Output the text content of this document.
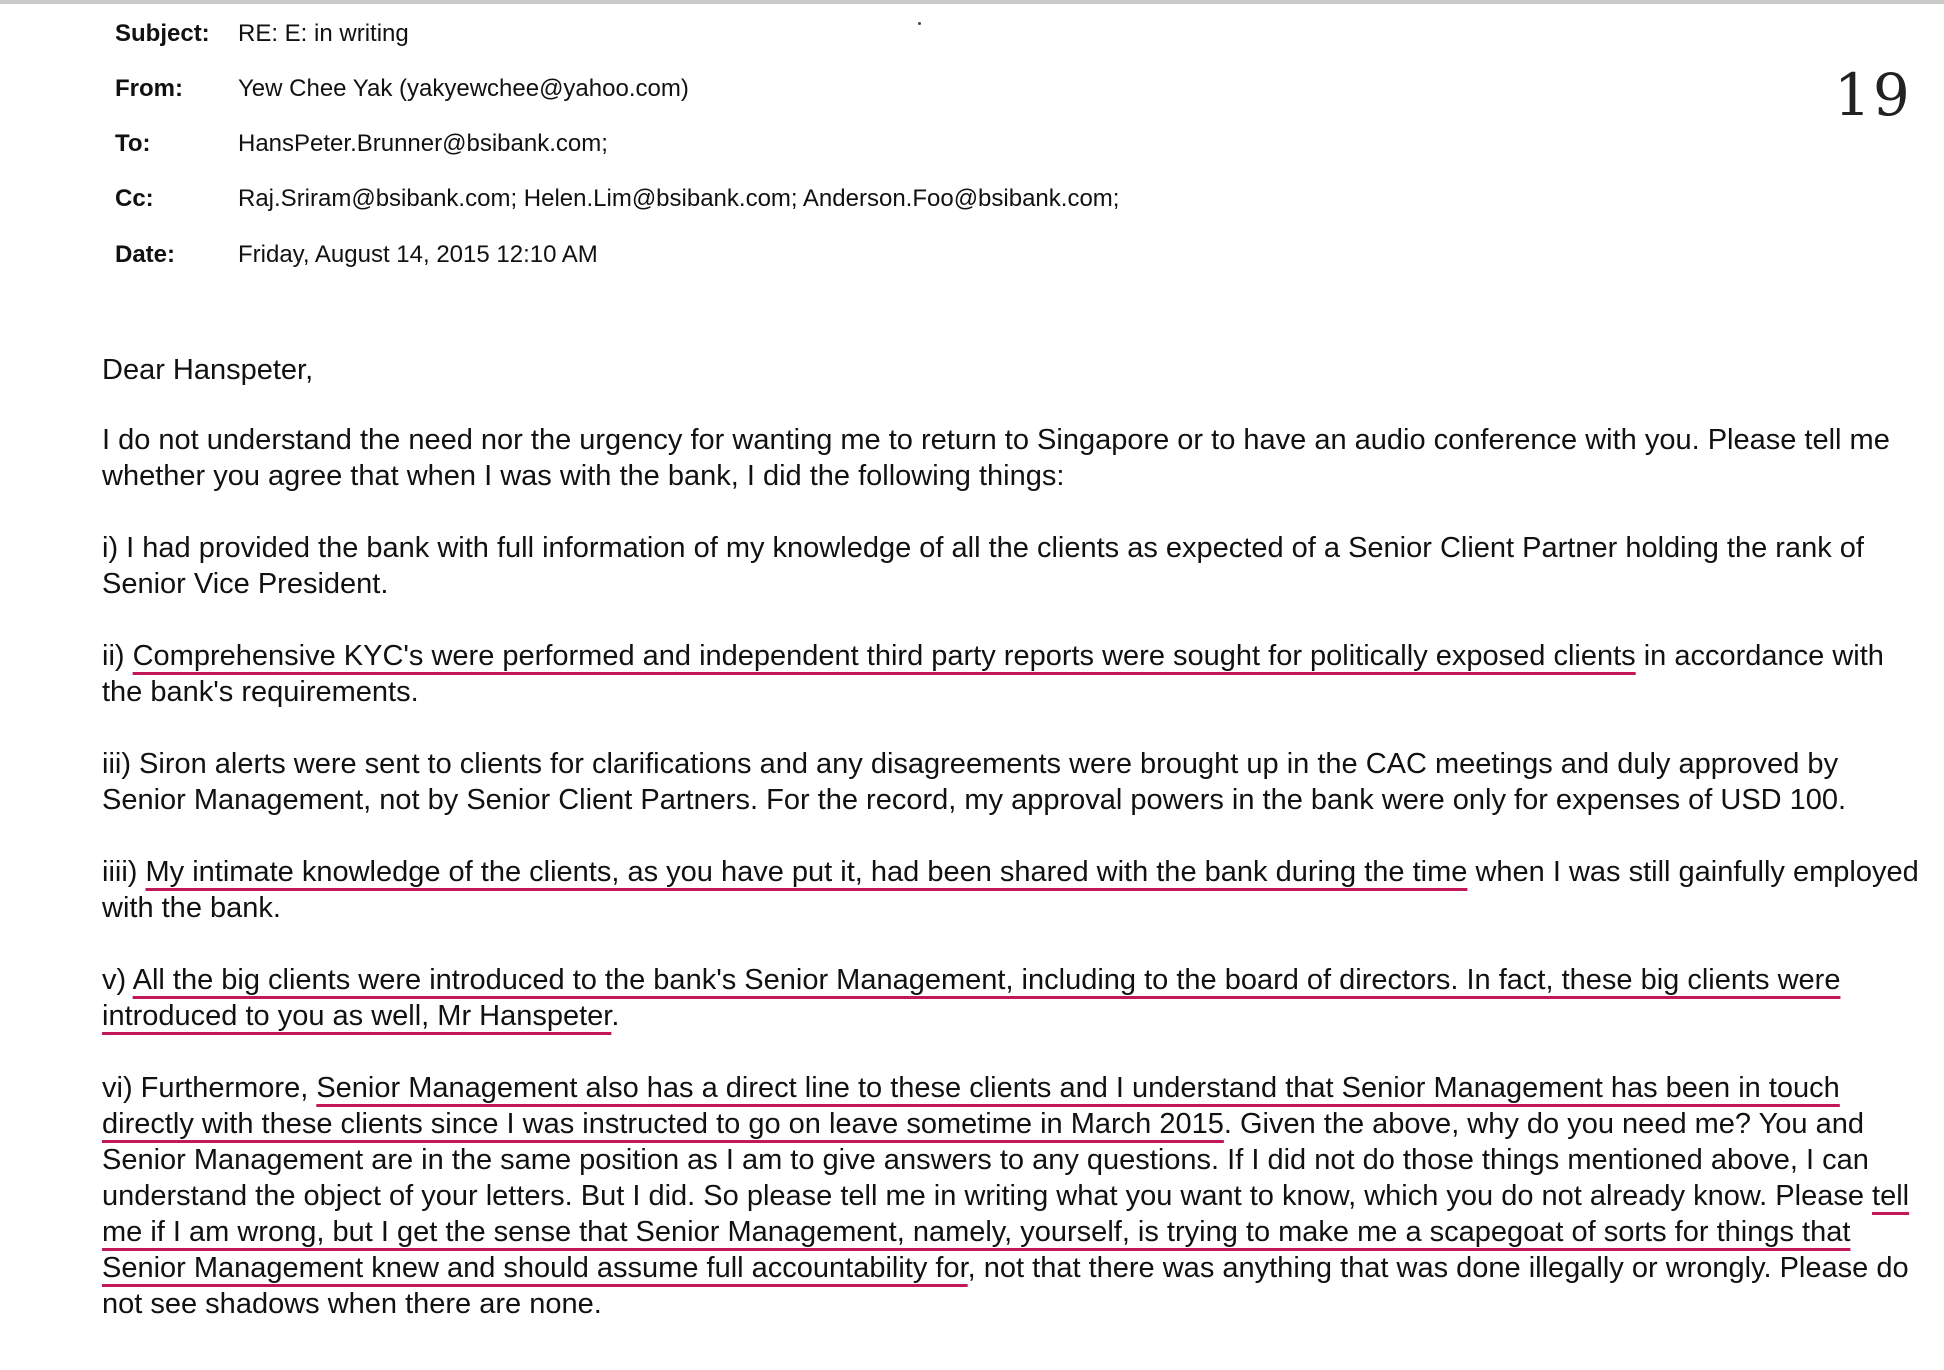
Subject: RE: E: in writing
From: Yew Chee Yak (yakyewchee@yahoo.com)
To:	HansPeter.Brunner@bsibank.com;
Cc:	Raj.Sriram@bsibank.com; Helen.Lim@bsibank.com; Anderson.Foo@bsibank.com;
Date:	Friday, August 14, 2015 12:10 AM
19

Dear Hanspeter,

I do not understand the need nor the urgency for wanting me to return to Singapore or to have an audio conference with you. Please tell me whether you agree that when I was with the bank, I did the following things:

i) I had provided the bank with full information of my knowledge of all the clients as expected of a Senior Client Partner holding the rank of Senior Vice President.

ii) Comprehensive KYC's were performed and independent third party reports were sought for politically exposed clients in accordance with the bank's requirements.

iii) Siron alerts were sent to clients for clarifications and any disagreements were brought up in the CAC meetings and duly approved by Senior Management, not by Senior Client Partners. For the record, my approval powers in the bank were only for expenses of USD 100.

iiii) My intimate knowledge of the clients, as you have put it, had been shared with the bank during the time when I was still gainfully employed with the bank.

v) All the big clients were introduced to the bank's Senior Management, including to the board of directors. In fact, these big clients were introduced to you as well, Mr Hanspeter.

vi) Furthermore, Senior Management also has a direct line to these clients and I understand that Senior Management has been in touch directly with these clients since I was instructed to go on leave sometime in March 2015. Given the above, why do you need me? You and Senior Management are in the same position as I am to give answers to any questions. If I did not do those things mentioned above, I can understand the object of your letters. But I did. So please tell me in writing what you want to know, which you do not already know. Please tell me if I am wrong, but I get the sense that Senior Management, namely, yourself, is trying to make me a scapegoat of sorts for things that Senior Management knew and should assume full accountability for, not that there was anything that was done illegally or wrongly. Please do not see shadows when there are none.
